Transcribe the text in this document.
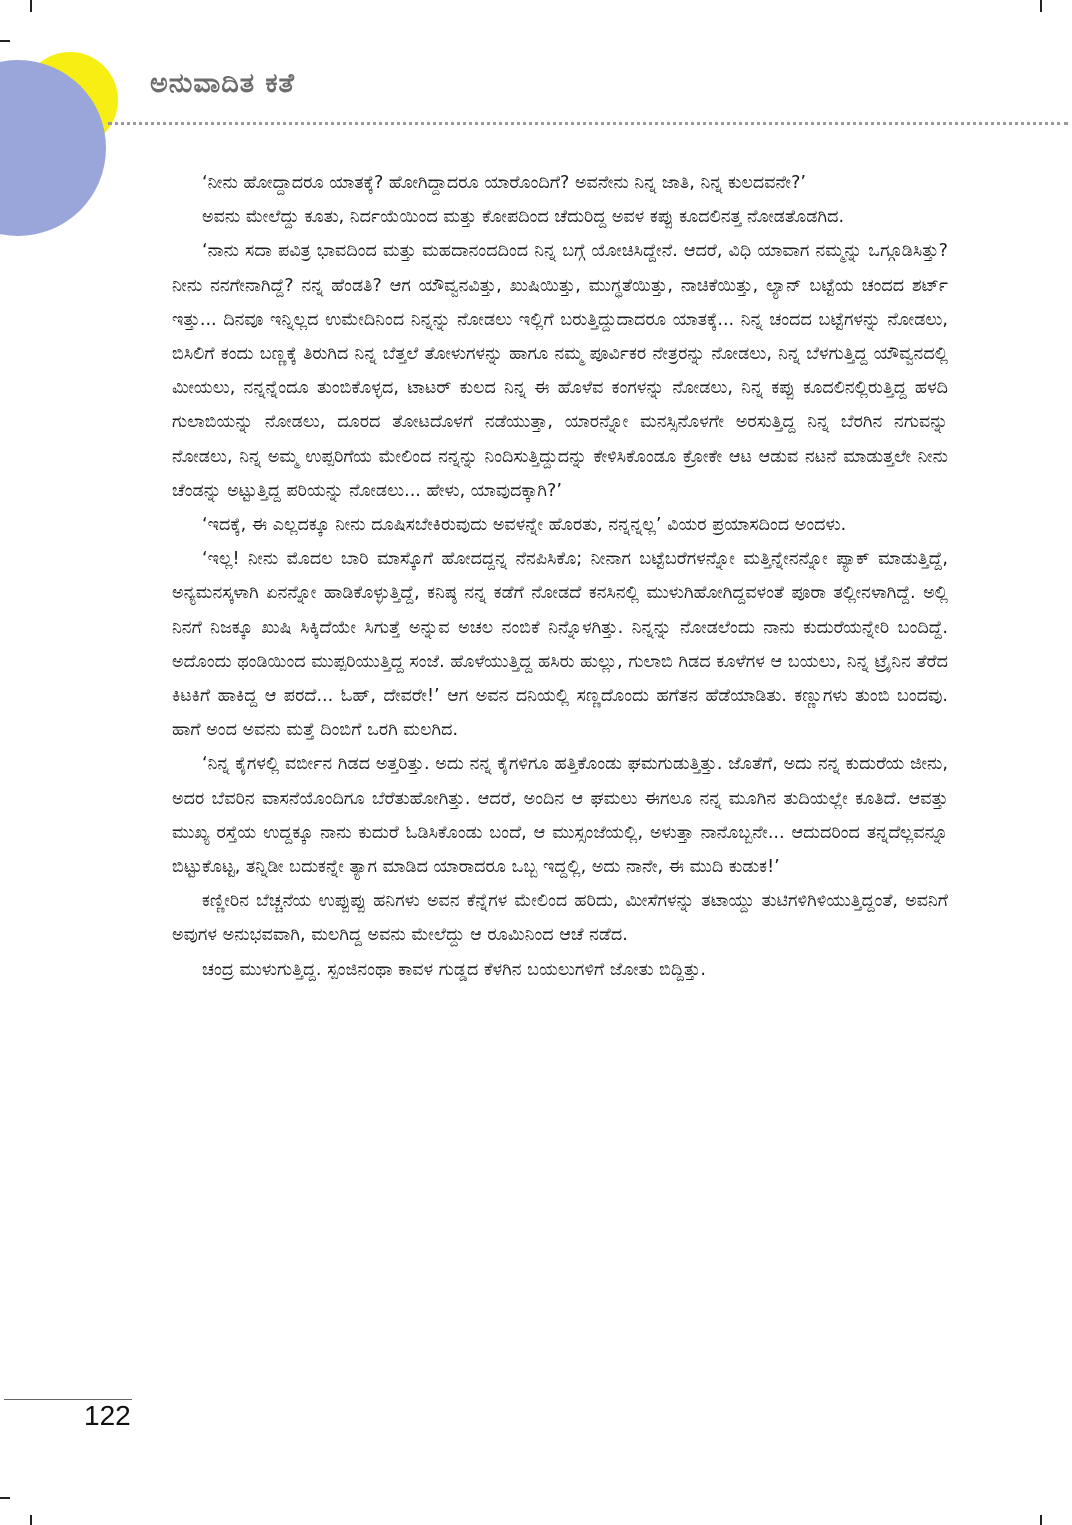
ಅನುವಾದಿತ ಕತೆ

‘ನೀನು ಹೋದ್ದಾದರೂ ಯಾತಕ್ಕೆ? ಹೋಗಿದ್ದಾದರೂ ಯಾರೊಂದಿಗೆ? ಅವನೇನು ನಿನ್ನ ಜಾತಿ, ನಿನ್ನ ಕುಲದವನೇ?’

ಅವನು ಮೇಲೆದ್ದು ಕೂತು, ನಿರ್ದಯೆಯಿಂದ ಮತ್ತು ಕೋಪದಿಂದ ಚೆದುರಿದ್ದ ಅವಳ ಕಪ್ಪು ಕೂದಲಿನತ್ತ ನೋಡತೊಡಗಿದ.

‘ನಾನು ಸದಾ ಪವಿತ್ರ ಭಾವದಿಂದ ಮತ್ತು ಮಹದಾನಂದದಿಂದ ನಿನ್ನ ಬಗ್ಗೆ ಯೋಚಿಸಿದ್ದೇನೆ. ಆದರೆ, ವಿಧಿ ಯಾವಾಗ ನಮ್ಮನ್ನು ಒಗ್ಗೂಡಿಸಿತ್ತು? ನೀನು ನನಗೇನಾಗಿದ್ದೆ? ನನ್ನ ಹೆಂಡತಿ? ಆಗ ಯೌವ್ವನವಿತ್ತು, ಖುಷಿಯಿತ್ತು, ಮುಗ್ಧತೆಯಿತ್ತು, ನಾಚಿಕೆಯಿತ್ತು, ಲ್ಯಾನ್ ಬಟ್ಟೆಯ ಚಂದದ ಶರ್ಟ್ ಇತ್ತು... ದಿನವೂ ಇನ್ನಿಲ್ಲದ ಉಮೇದಿನಿಂದ ನಿನ್ನನ್ನು ನೋಡಲು ಇಲ್ಲಿಗೆ ಬರುತ್ತಿದ್ದುದಾದರೂ ಯಾತಕ್ಕೆ... ನಿನ್ನ ಚಂದದ ಬಟ್ಟೆಗಳನ್ನು ನೋಡಲು, ಬಿಸಿಲಿಗೆ ಕಂದು ಬಣ್ಣಕ್ಕೆ ತಿರುಗಿದ ನಿನ್ನ ಬೆತ್ತಲೆ ತೋಳುಗಳನ್ನು ಹಾಗೂ ನಮ್ಮ ಪೂರ್ವಿಕರ ನೇತ್ರರನ್ನು ನೋಡಲು, ನಿನ್ನ ಬೆಳಗುತ್ತಿದ್ದ ಯೌವ್ವನದಲ್ಲಿ ಮೀಯಲು, ನನ್ನನ್ನೆಂದೂ ತುಂಬಿಕೊಳ್ಳದ, ಟಾಟರ್ ಕುಲದ ನಿನ್ನ ಈ ಹೊಳೆವ ಕಂಗಳನ್ನು ನೋಡಲು, ನಿನ್ನ ಕಪ್ಪು ಕೂದಲಿನಲ್ಲಿರುತ್ತಿದ್ದ ಹಳದಿ ಗುಲಾಬಿಯನ್ನು ನೋಡಲು, ದೂರದ ತೋಟದೊಳಗೆ ನಡೆಯುತ್ತಾ, ಯಾರನ್ನೋ ಮನಸ್ಸಿನೊಳಗೇ ಅರಸುತ್ತಿದ್ದ ನಿನ್ನ ಬೆರಗಿನ ನಗುವನ್ನು ನೋಡಲು, ನಿನ್ನ ಅಮ್ಮ ಉಪ್ಪರಿಗೆಯ ಮೇಲಿಂದ ನನ್ನನ್ನು ನಿಂದಿಸುತ್ತಿದ್ದುದನ್ನು ಕೇಳಿಸಿಕೊಂಡೂ ಕ್ರೋಕೇ ಆಟ ಆಡುವ ನಟನೆ ಮಾಡುತ್ತಲೇ ನೀನು ಚೆಂಡನ್ನು ಅಟ್ಟುತ್ತಿದ್ದ ಪರಿಯನ್ನು ನೋಡಲು... ಹೇಳು, ಯಾವುದಕ್ಕಾಗಿ?’

‘ಇದಕ್ಕೆ, ಈ ಎಲ್ಲದಕ್ಕೂ ನೀನು ದೂಷಿಸಬೇಕಿರುವುದು ಅವಳನ್ನೇ ಹೊರತು, ನನ್ನನ್ನಲ್ಲ’ ವಿಯರ ಪ್ರಯಾಸದಿಂದ ಅಂದಳು.

‘ಇಲ್ಲ! ನೀನು ಮೊದಲ ಬಾರಿ ಮಾಸ್ಕೊಗೆ ಹೋದದ್ದನ್ನ ನೆನಪಿಸಿಕೊ; ನೀನಾಗ ಬಟ್ಟೆಬರೆಗಳನ್ನೋ ಮತ್ತಿನ್ನೇನನ್ನೋ ಪ್ಯಾಕ್ ಮಾಡುತ್ತಿದ್ದೆ, ಅನ್ಯಮನಸ್ಕಳಾಗಿ ಏನನ್ನೋ ಹಾಡಿಕೊಳ್ಳುತ್ತಿದ್ದೆ, ಕನಿಷ್ಠ ನನ್ನ ಕಡೆಗೆ ನೋಡದೆ ಕನಸಿನಲ್ಲಿ ಮುಳುಗಿಹೋಗಿದ್ದವಳಂತೆ ಪೂರಾ ತಲ್ಲೀನಳಾಗಿದ್ದೆ. ಅಲ್ಲಿ ನಿನಗೆ ನಿಜಕ್ಕೂ ಖುಷಿ ಸಿಕ್ಕಿದೆಯೇ ಸಿಗುತ್ತೆ ಅನ್ನುವ ಅಚಲ ನಂಬಿಕೆ ನಿನ್ನೊಳಗಿತ್ತು. ನಿನ್ನನ್ನು ನೋಡಲೆಂದು ನಾನು ಕುದುರೆಯನ್ನೇರಿ ಬಂದಿದ್ದೆ. ಅದೊಂದು ಥಂಡಿಯಿಂದ ಮುಪ್ಪರಿಯುತ್ತಿದ್ದ ಸಂಜೆ. ಹೊಳೆಯುತ್ತಿದ್ದ ಹಸಿರು ಹುಲ್ಲು, ಗುಲಾಬಿ ಗಿಡದ ಕೂಳೆಗಳ ಆ ಬಯಲು, ನಿನ್ನ ಟ್ರೈನಿನ ತೆರೆದ ಕಿಟಕಿಗೆ ಹಾಕಿದ್ದ ಆ ಪರದೆ... ಓಹ್, ದೇವರೇ!’ ಆಗ ಅವನ ದನಿಯಲ್ಲಿ ಸಣ್ಣದೊಂದು ಹಗೆತನ ಹೆಡೆಯಾಡಿತು. ಕಣ್ಣುಗಳು ತುಂಬಿ ಬಂದವು. ಹಾಗೆ ಅಂದ ಅವನು ಮತ್ತೆ ದಿಂಬಿಗೆ ಒರಗಿ ಮಲಗಿದ.

‘ನಿನ್ನ ಕೈಗಳಲ್ಲಿ ವರ್ಬೀನ ಗಿಡದ ಅತ್ತರಿತ್ತು. ಅದು ನನ್ನ ಕೈಗಳಿಗೂ ಹತ್ತಿಕೊಂಡು ಘಮಗುಡುತ್ತಿತ್ತು. ಜೊತೆಗೆ, ಅದು ನನ್ನ ಕುದುರೆಯ ಜೀನು, ಅದರ ಬೆವರಿನ ವಾಸನೆಯೊಂದಿಗೂ ಬೆರೆತುಹೋಗಿತ್ತು. ಆದರೆ, ಅಂದಿನ ಆ ಘಮಲು ಈಗಲೂ ನನ್ನ ಮೂಗಿನ ತುದಿಯಲ್ಲೇ ಕೂತಿದೆ. ಆವತ್ತು ಮುಖ್ಯ ರಸ್ತೆಯ ಉದ್ದಕ್ಕೂ ನಾನು ಕುದುರೆ ಓಡಿಸಿಕೊಂಡು ಬಂದೆ, ಆ ಮುಸ್ಸಂಜೆಯಲ್ಲಿ, ಅಳುತ್ತಾ ನಾನೊಬ್ಬನೇ... ಆದುದರಿಂದ ತನ್ನದೆಲ್ಲವನ್ನೂ ಬಿಟ್ಟುಕೊಟ್ಟ, ತನ್ನಿಡೀ ಬದುಕನ್ನೇ ತ್ಯಾಗ ಮಾಡಿದ ಯಾರಾದರೂ ಒಬ್ಬ ಇದ್ದಲ್ಲಿ, ಅದು ನಾನೇ, ಈ ಮುದಿ ಕುಡುಕ!’

ಕಣ್ಣೀರಿನ ಬೆಚ್ಚನೆಯ ಉಪ್ಪುಪ್ಪು ಹನಿಗಳು ಅವನ ಕೆನ್ನೆಗಳ ಮೇಲಿಂದ ಹರಿದು, ಮೀಸೆಗಳನ್ನು ತಟಾಯ್ದು ತುಟಿಗಳಿಗಿಳಿಯುತ್ತಿದ್ದಂತೆ, ಅವನಿಗೆ ಅವುಗಳ ಅನುಭವವಾಗಿ, ಮಲಗಿದ್ದ ಅವನು ಮೇಲೆದ್ದು ಆ ರೂಮಿನಿಂದ ಆಚೆ ನಡೆದ.

ಚಂದ್ರ ಮುಳುಗುತ್ತಿದ್ದ. ಸ್ಪಂಜಿನಂಥಾ ಕಾವಳ ಗುಡ್ಡದ ಕೆಳಗಿನ ಬಯಲುಗಳಿಗೆ ಜೋತು ಬಿದ್ದಿತ್ತು.

122
